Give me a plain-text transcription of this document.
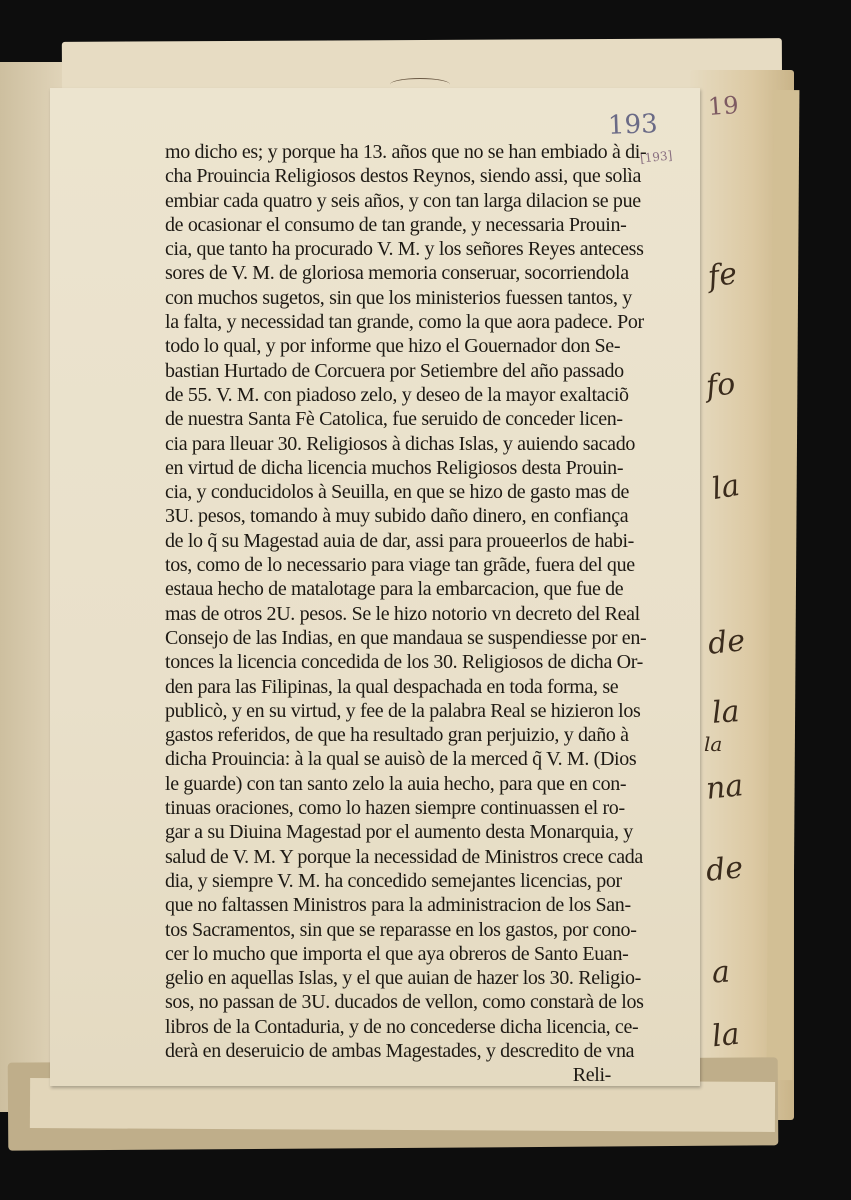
193
19
[193]
mo dicho es; y porque ha 13. años que no se han embiado à di-
cha Prouincia Religiosos destos Reynos, siendo assi, que solìa
embiar cada quatro y seis años, y con tan larga dilacion se pue
de ocasionar el consumo de tan grande, y necessaria Prouin-
cia, que tanto ha procurado V. M. y los señores Reyes antecess
sores de V. M. de gloriosa memoria conseruar, socorriendola
con muchos sugetos, sin que los ministerios fuessen tantos, y
la falta, y necessidad tan grande, como la que aora padece. Por
todo lo qual, y por informe que hizo el Gouernador don Se-
bastian Hurtado de Corcuera por Setiembre del año passado
de 55. V. M. con piadoso zelo, y deseo de la mayor exaltaciõ
de nuestra Santa Fè Catolica, fue seruido de conceder licen-
cia para lleuar 30. Religiosos à dichas Islas, y auiendo sacado
en virtud de dicha licencia muchos Religiosos desta Prouin-
cia, y conducidolos à Seuilla, en que se hizo de gasto mas de
3U. pesos, tomando à muy subido daño dinero, en confiança
de lo q̃ su Magestad auia de dar, assi para proueerlos de habi-
tos, como de lo necessario para viage tan grãde, fuera del que
estaua hecho de matalotage para la embarcacion, que fue de
mas de otros 2U. pesos. Se le hizo notorio vn decreto del Real
Consejo de las Indias, en que mandaua se suspendiesse por en-
tonces la licencia concedida de los 30. Religiosos de dicha Or-
den para las Filipinas, la qual despachada en toda forma, se
publicò, y en su virtud, y fee de la palabra Real se hizieron los
gastos referidos, de que ha resultado gran perjuizio, y daño à
dicha Prouincia: à la qual se auisò de la merced q̃ V. M. (Dios
le guarde) con tan santo zelo la auia hecho, para que en con-
tinuas oraciones, como lo hazen siempre continuassen el ro-
gar a su Diuina Magestad por el aumento desta Monarquia, y
salud de V. M. Y porque la necessidad de Ministros crece cada
dia, y siempre V. M. ha concedido semejantes licencias, por
que no faltassen Ministros para la administracion de los San-
tos Sacramentos, sin que se reparasse en los gastos, por cono-
cer lo mucho que importa el que aya obreros de Santo Euan-
gelio en aquellas Islas, y el que auian de hazer los 30. Religio-
sos, no passan de 3U. ducados de vellon, como constarà de los
libros de la Contaduria, y de no concederse dicha licencia, ce-
derà en deseruicio de ambas Magestades, y descredito de vna
Reli-
fe
fo
la
de
la
la
na
de
a
la
